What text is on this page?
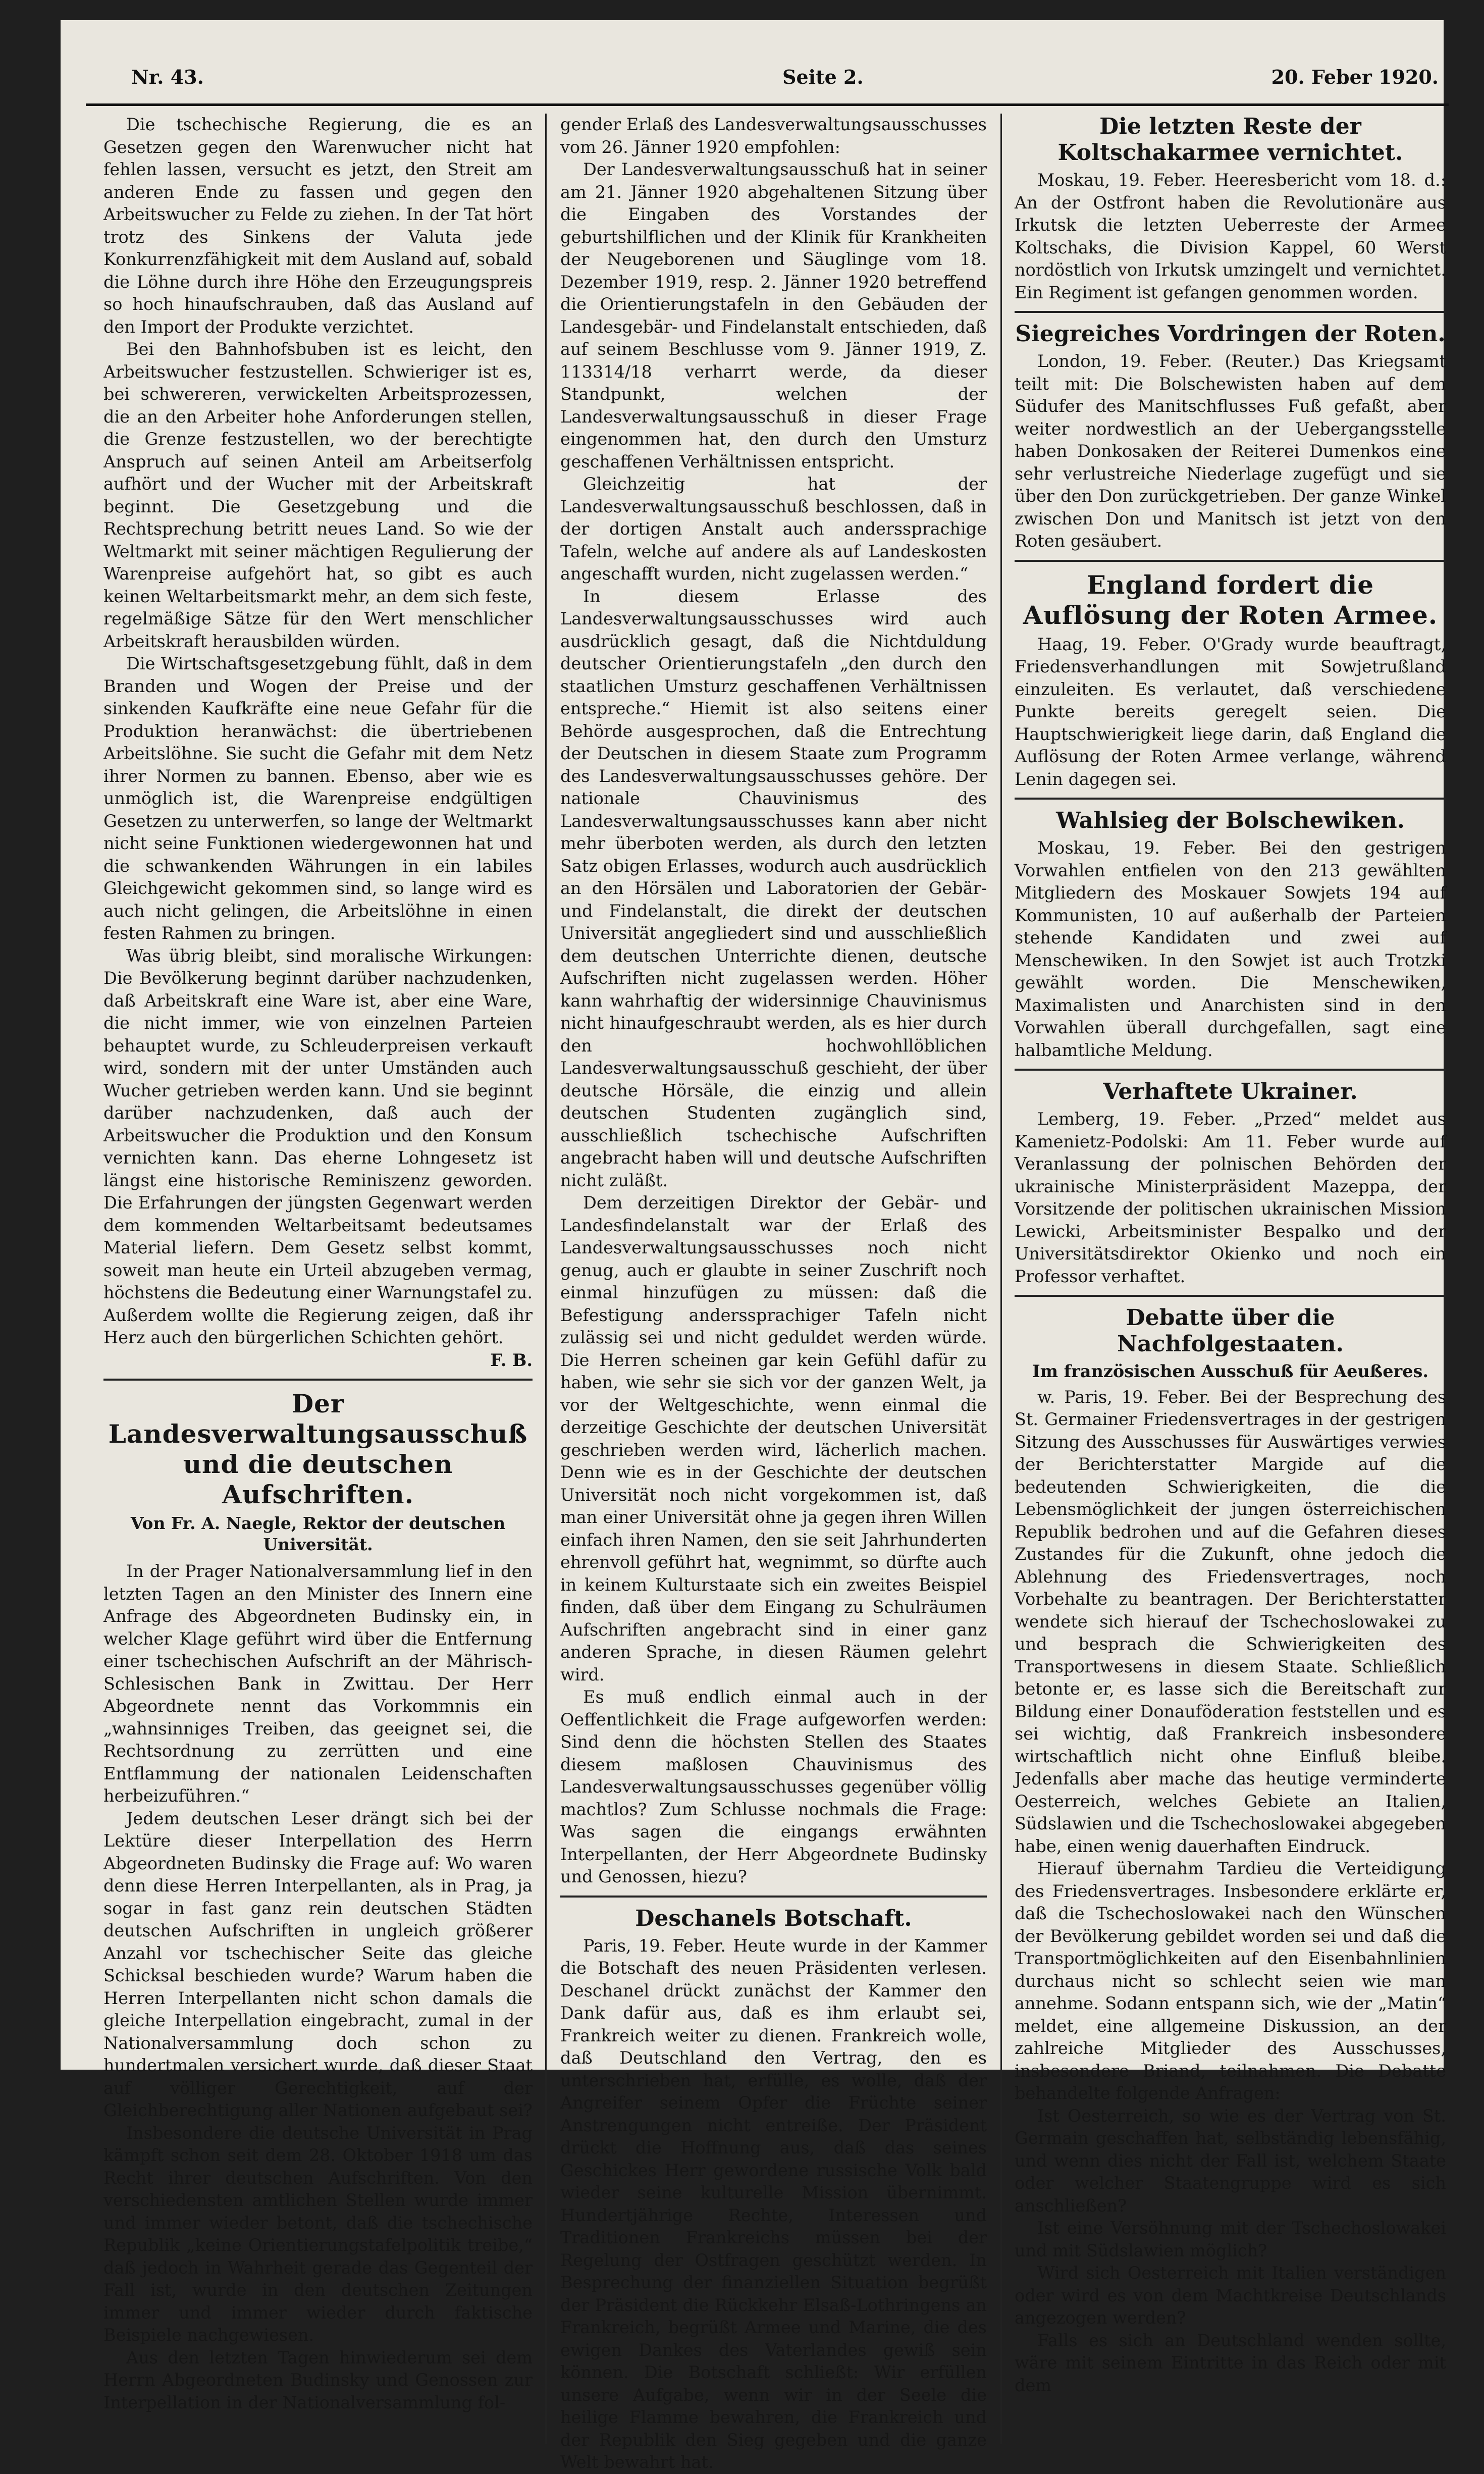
Nr. 43.	Seite 2.	20. Feber 1920.

Die tschechische Regierung, die es an Gesetzen gegen den Warenwucher nicht hat fehlen lassen, versucht es jetzt, den Streit am anderen Ende zu fassen und gegen den Arbeitswucher zu Felde zu ziehen. In der Tat hört trotz des Sinkens der Valuta jede Konkurrenzfähigkeit mit dem Ausland auf, sobald die Löhne durch ihre Höhe den Erzeugungspreis so hoch hinaufschrauben, daß das Ausland auf den Import der Produkte verzichtet.

Bei den Bahnhofsbuben ist es leicht, den Arbeitswucher festzustellen. Schwieriger ist es, bei schwereren, verwickelten Arbeitsprozessen, die an den Arbeiter hohe Anforderungen stellen, die Grenze festzustellen, wo der berechtigte Anspruch auf seinen Anteil am Arbeitserfolg aufhört und der Wucher mit der Arbeitskraft beginnt. Die Gesetzgebung und die Rechtsprechung betritt neues Land. So wie der Weltmarkt mit seiner mächtigen Regulierung der Warenpreise aufgehört hat, so gibt es auch keinen Weltarbeitsmarkt mehr, an dem sich feste, regelmäßige Sätze für den Wert menschlicher Arbeitskraft herausbilden würden.

Die Wirtschaftsgesetzgebung fühlt, daß in dem Branden und Wogen der Preise und der sinkenden Kaufkräfte eine neue Gefahr für die Produktion heranwächst: die übertriebenen Arbeitslöhne. Sie sucht die Gefahr mit dem Netz ihrer Normen zu bannen. Ebenso, aber wie es unmöglich ist, die Warenpreise endgültigen Gesetzen zu unterwerfen, so lange der Weltmarkt nicht seine Funktionen wiedergewonnen hat und die schwankenden Währungen in ein labiles Gleichgewicht gekommen sind, so lange wird es auch nicht gelingen, die Arbeitslöhne in einen festen Rahmen zu bringen.

Was übrig bleibt, sind moralische Wirkungen: Die Bevölkerung beginnt darüber nachzudenken, daß Arbeitskraft eine Ware ist, aber eine Ware, die nicht immer, wie von einzelnen Parteien behauptet wurde, zu Schleuderpreisen verkauft wird, sondern mit der unter Umständen auch Wucher getrieben werden kann. Und sie beginnt darüber nachzudenken, daß auch der Arbeitswucher die Produktion und den Konsum vernichten kann. Das eherne Lohngesetz ist längst eine historische Reminiszenz geworden. Die Erfahrungen der jüngsten Gegenwart werden dem kommenden Weltarbeitsamt bedeutsames Material liefern. Dem Gesetz selbst kommt, soweit man heute ein Urteil abzugeben vermag, höchstens die Bedeutung einer Warnungstafel zu. Außerdem wollte die Regierung zeigen, daß ihr Herz auch den bürgerlichen Schichten gehört.

F. B.

Der Landesverwaltungsausschuß und die deutschen Aufschriften.

Von Fr. A. Naegle, Rektor der deutschen Universität.

In der Prager Nationalversammlung lief in den letzten Tagen an den Minister des Innern eine Anfrage des Abgeordneten Budinsky ein, in welcher Klage geführt wird über die Entfernung einer tschechischen Aufschrift an der Mährisch-Schlesischen Bank in Zwittau. Der Herr Abgeordnete nennt das Vorkommnis ein „wahnsinniges Treiben, das geeignet sei, die Rechtsordnung zu zerrütten und eine Entflammung der nationalen Leidenschaften herbeizuführen.“

Jedem deutschen Leser drängt sich bei der Lektüre dieser Interpellation des Herrn Abgeordneten Budinsky die Frage auf: Wo waren denn diese Herren Interpellanten, als in Prag, ja sogar in fast ganz rein deutschen Städten deutschen Aufschriften in ungleich größerer Anzahl vor tschechischer Seite das gleiche Schicksal beschieden wurde? Warum haben die Herren Interpellanten nicht schon damals die gleiche Interpellation eingebracht, zumal in der Nationalversammlung doch schon zu hundertmalen versichert wurde, daß dieser Staat auf völliger Gerechtigkeit, auf der Gleichberechtigung aller Nationen aufgebaut sei?

Insbesondere die deutsche Universität in Prag kämpft schon seit dem 28. Oktober 1918 um das Recht ihrer deutschen Aufschriften. Von den verschiedensten amtlichen Stellen wurde immer und immer wieder betont, daß die tschechische Republik „keine Orientierungstafelpolitik treibe,“ daß jedoch in Wahrheit gerade das Gegenteil der Fall ist, wurde in den deutschen Zeitungen immer und immer wieder durch faktische Beispiele nachgewiesen.

Aus den letzten Tagen hinwiederum sei dem Herrn Abgeordneten Budinsky und Genossen zur Interpellation in der Nationalversammlung fol-

gender Erlaß des Landesverwaltungsausschusses vom 26. Jänner 1920 empfohlen:

Der Landesverwaltungsausschuß hat in seiner am 21. Jänner 1920 abgehaltenen Sitzung über die Eingaben des Vorstandes der geburtshilflichen und der Klinik für Krankheiten der Neugeborenen und Säuglinge vom 18. Dezember 1919, resp. 2. Jänner 1920 betreffend die Orientierungstafeln in den Gebäuden der Landesgebär- und Findelanstalt entschieden, daß auf seinem Beschlusse vom 9. Jänner 1919, Z. 113314/18 verharrt werde, da dieser Standpunkt, welchen der Landesverwaltungsausschuß in dieser Frage eingenommen hat, den durch den Umsturz geschaffenen Verhältnissen entspricht.

Gleichzeitig hat der Landesverwaltungsausschuß beschlossen, daß in der dortigen Anstalt auch anderssprachige Tafeln, welche auf andere als auf Landeskosten angeschafft wurden, nicht zugelassen werden.“

In diesem Erlasse des Landesverwaltungsausschusses wird auch ausdrücklich gesagt, daß die Nichtduldung deutscher Orientierungstafeln „den durch den staatlichen Umsturz geschaffenen Verhältnissen entspreche.“ Hiemit ist also seitens einer Behörde ausgesprochen, daß die Entrechtung der Deutschen in diesem Staate zum Programm des Landesverwaltungsausschusses gehöre. Der nationale Chauvinismus des Landesverwaltungsausschusses kann aber nicht mehr überboten werden, als durch den letzten Satz obigen Erlasses, wodurch auch ausdrücklich an den Hörsälen und Laboratorien der Gebär- und Findelanstalt, die direkt der deutschen Universität angegliedert sind und ausschließlich dem deutschen Unterrichte dienen, deutsche Aufschriften nicht zugelassen werden. Höher kann wahrhaftig der widersinnige Chauvinismus nicht hinaufgeschraubt werden, als es hier durch den hochwohllöblichen Landesverwaltungsausschuß geschieht, der über deutsche Hörsäle, die einzig und allein deutschen Studenten zugänglich sind, ausschließlich tschechische Aufschriften angebracht haben will und deutsche Aufschriften nicht zuläßt.

Dem derzeitigen Direktor der Gebär- und Landesfindelanstalt war der Erlaß des Landesverwaltungsausschusses noch nicht genug, auch er glaubte in seiner Zuschrift noch einmal hinzufügen zu müssen: daß die Befestigung anderssprachiger Tafeln nicht zulässig sei und nicht geduldet werden würde. Die Herren scheinen gar kein Gefühl dafür zu haben, wie sehr sie sich vor der ganzen Welt, ja vor der Weltgeschichte, wenn einmal die derzeitige Geschichte der deutschen Universität geschrieben werden wird, lächerlich machen. Denn wie es in der Geschichte der deutschen Universität noch nicht vorgekommen ist, daß man einer Universität ohne ja gegen ihren Willen einfach ihren Namen, den sie seit Jahrhunderten ehrenvoll geführt hat, wegnimmt, so dürfte auch in keinem Kulturstaate sich ein zweites Beispiel finden, daß über dem Eingang zu Schulräumen Aufschriften angebracht sind in einer ganz anderen Sprache, in diesen Räumen gelehrt wird.

Es muß endlich einmal auch in der Oeffentlichkeit die Frage aufgeworfen werden: Sind denn die höchsten Stellen des Staates diesem maßlosen Chauvinismus des Landesverwaltungsausschusses gegenüber völlig machtlos? Zum Schlusse nochmals die Frage: Was sagen die eingangs erwähnten Interpellanten, der Herr Abgeordnete Budinsky und Genossen, hiezu?

Deschanels Botschaft.

Paris, 19. Feber. Heute wurde in der Kammer die Botschaft des neuen Präsidenten verlesen. Deschanel drückt zunächst der Kammer den Dank dafür aus, daß es ihm erlaubt sei, Frankreich weiter zu dienen. Frankreich wolle, daß Deutschland den Vertrag, den es unterschrieben hat, erfülle, es wolle, daß der Angreifer seinem Opfer die Früchte seiner Anstrengungen nicht entreiße. Der Präsident drückt die Hoffnung aus, daß das seines Geschickes Herr gewordene russische Volk bald wieder seine kulturelle Mission übernimmt. Hundertjährige Rechte, Interessen und Traditionen Frankreichs müssen bei der Regelung der Ostfragen geschützt werden. In Besprechung der finanziellen Situation begrüßt der Präsident die Rückkehr Elsaß-Lothringens an Frankreich, begrüßt Armee und Marine, die des ewigen Dankes des Vaterlandes gewiß sein können. Die Botschaft schließt: Wir erfüllen unsere Aufgabe, wenn wir in der Seele die heilige Flamme bewahren, die Frankreich und der Republik den Sieg gegeben und die ganze Welt bewahrt hat.

Die letzten Reste der Koltschakarmee vernichtet.

Moskau, 19. Feber. Heeresbericht vom 18. d.: An der Ostfront haben die Revolutionäre aus Irkutsk die letzten Ueberreste der Armee Koltschaks, die Division Kappel, 60 Werst nordöstlich von Irkutsk umzingelt und vernichtet. Ein Regiment ist gefangen genommen worden.

Siegreiches Vordringen der Roten.

London, 19. Feber. (Reuter.) Das Kriegsamt teilt mit: Die Bolschewisten haben auf dem Südufer des Manitschflusses Fuß gefaßt, aber weiter nordwestlich an der Uebergangsstelle haben Donkosaken der Reiterei Dumenkos eine sehr verlustreiche Niederlage zugefügt und sie über den Don zurückgetrieben. Der ganze Winkel zwischen Don und Manitsch ist jetzt von den Roten gesäubert.

England fordert die Auflösung der Roten Armee.

Haag, 19. Feber. O'Grady wurde beauftragt, Friedensverhandlungen mit Sowjetrußland einzuleiten. Es verlautet, daß verschiedene Punkte bereits geregelt seien. Die Hauptschwierigkeit liege darin, daß England die Auflösung der Roten Armee verlange, während Lenin dagegen sei.

Wahlsieg der Bolschewiken.

Moskau, 19. Feber. Bei den gestrigen Vorwahlen entfielen von den 213 gewählten Mitgliedern des Moskauer Sowjets 194 auf Kommunisten, 10 auf außerhalb der Parteien stehende Kandidaten und zwei auf Menschewiken. In den Sowjet ist auch Trotzki gewählt worden. Die Menschewiken, Maximalisten und Anarchisten sind in den Vorwahlen überall durchgefallen, sagt eine halbamtliche Meldung.

Verhaftete Ukrainer.

Lemberg, 19. Feber. „Przed“ meldet aus Kamenietz-Podolski: Am 11. Feber wurde auf Veranlassung der polnischen Behörden der ukrainische Ministerpräsident Mazeppa, der Vorsitzende der politischen ukrainischen Mission Lewicki, Arbeitsminister Bespalko und der Universitätsdirektor Okienko und noch ein Professor verhaftet.

Debatte über die Nachfolgestaaten.

Im französischen Ausschuß für Aeußeres.

w. Paris, 19. Feber. Bei der Besprechung des St. Germainer Friedensvertrages in der gestrigen Sitzung des Ausschusses für Auswärtiges verwies der Berichterstatter Margide auf die bedeutenden Schwierigkeiten, die die Lebensmöglichkeit der jungen österreichischen Republik bedrohen und auf die Gefahren dieses Zustandes für die Zukunft, ohne jedoch die Ablehnung des Friedensvertrages, noch Vorbehalte zu beantragen. Der Berichterstatter wendete sich hierauf der Tschechoslowakei zu und besprach die Schwierigkeiten des Transportwesens in diesem Staate. Schließlich betonte er, es lasse sich die Bereitschaft zur Bildung einer Donauföderation feststellen und es sei wichtig, daß Frankreich insbesondere wirtschaftlich nicht ohne Einfluß bleibe. Jedenfalls aber mache das heutige verminderte Oesterreich, welches Gebiete an Italien, Südslawien und die Tschechoslowakei abgegeben habe, einen wenig dauerhaften Eindruck.

Hierauf übernahm Tardieu die Verteidigung des Friedensvertrages. Insbesondere erklärte er, daß die Tschechoslowakei nach den Wünschen der Bevölkerung gebildet worden sei und daß die Transportmöglichkeiten auf den Eisenbahnlinien durchaus nicht so schlecht seien wie man annehme. Sodann entspann sich, wie der „Matin“ meldet, eine allgemeine Diskussion, an der zahlreiche Mitglieder des Ausschusses, insbesondere Briand, teilnahmen. Die Debatte behandelte folgende Anfragen:

Ist Oesterreich, so wie es der Vertrag von St. Germain geschaffen hat, selbständig lebensfähig, und wenn dies nicht der Fall ist, welchem Staate oder welcher Staatengruppe wird es sich anschließen?

Ist eine Versöhnung mit der Tschechoslowakei und mit Südslawien möglich?

Wird sich Oesterreich mit Italien verständigen oder wird es von dem Machtkreise Deutschlands angezogen werden?

Falls es sich an Deutschland wenden sollte, wäre mit seinem Eintritte in das Reich oder mit dem
